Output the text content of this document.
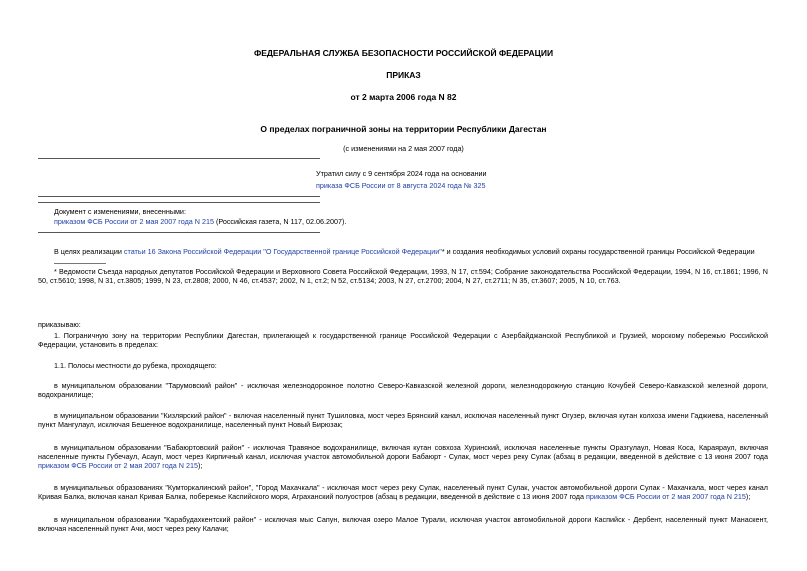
ФЕДЕРАЛЬНАЯ СЛУЖБА БЕЗОПАСНОСТИ РОССИЙСКОЙ ФЕДЕРАЦИИ
ПРИКАЗ
от 2 марта 2006 года N 82
О пределах пограничной зоны на территории Республики Дагестан
(с изменениями на 2 мая 2007 года)
Утратил силу с 9 сентября 2024 года на основании
приказа ФСБ России от 8 августа 2024 года № 325
Документ с изменениями, внесенными:
приказом ФСБ России от 2 мая 2007 года N 215 (Российская газета, N 117, 02.06.2007).
В целях реализации статьи 16 Закона Российской Федерации "О Государственной границе Российской Федерации"* и создания необходимых условий охраны государственной границы Российской Федерации
* Ведомости Съезда народных депутатов Российской Федерации и Верховного Совета Российской Федерации, 1993, N 17, ст.594; Собрание законодательства Российской Федерации, 1994, N 16, ст.1861; 1996, N 50, ст.5610; 1998, N 31, ст.3805; 1999, N 23, ст.2808; 2000, N 46, ст.4537; 2002, N 1, ст.2; N 52, ст.5134; 2003, N 27, ст.2700; 2004, N 27, ст.2711; N 35, ст.3607; 2005, N 10, ст.763.
приказываю:
1. Пограничную зону на территории Республики Дагестан, прилегающей к государственной границе Российской Федерации с Азербайджанской Республикой и Грузией, морскому побережью Российской Федерации, установить в пределах:
1.1. Полосы местности до рубежа, проходящего:
в муниципальном образовании "Тарумовский район" - исключая железнодорожное полотно Северо-Кавказской железной дороги, железнодорожную станцию Кочубей Северо-Кавказской железной дороги, водохранилище;
в муниципальном образовании "Кизлярский район" - включая населенный пункт Тушиловка, мост через Брянский канал, исключая населенный пункт Огузер, включая кутан колхоза имени Гаджиева, населенный пункт Мангулаул, исключая Бешенное водохранилище, населенный пункт Новый Бирюзак;
в муниципальном образовании "Бабаюртовский район" - исключая Травяное водохранилище, включая кутан совхоза Хуринский, исключая населенные пункты Оразгулаул, Новая Коса, Караяраул, включая населенные пункты Губечаул, Асауп, мост через Кирпичный канал, исключая участок автомобильной дороги Бабаюрт - Сулак, мост через реку Сулак (абзац в редакции, введенной в действие с 13 июня 2007 года приказом ФСБ России от 2 мая 2007 года N 215);
в муниципальных образованиях "Кумторкалинский район", "Город Махачкала" - исключая мост через реку Сулак, населенный пункт Сулак, участок автомобильной дороги Сулак - Махачкала, мост через канал Кривая Балка, включая канал Кривая Балка, побережье Каспийского моря, Аграханский полуостров (абзац в редакции, введенной в действие с 13 июня 2007 года приказом ФСБ России от 2 мая 2007 года N 215);
в муниципальном образовании "Карабудахкентский район" - исключая мыс Сапун, включая озеро Малое Турали, исключая участок автомобильной дороги Каспийск - Дербент, населенный пункт Манаскент, включая населенный пункт Ачи, мост через реку Калачи;
